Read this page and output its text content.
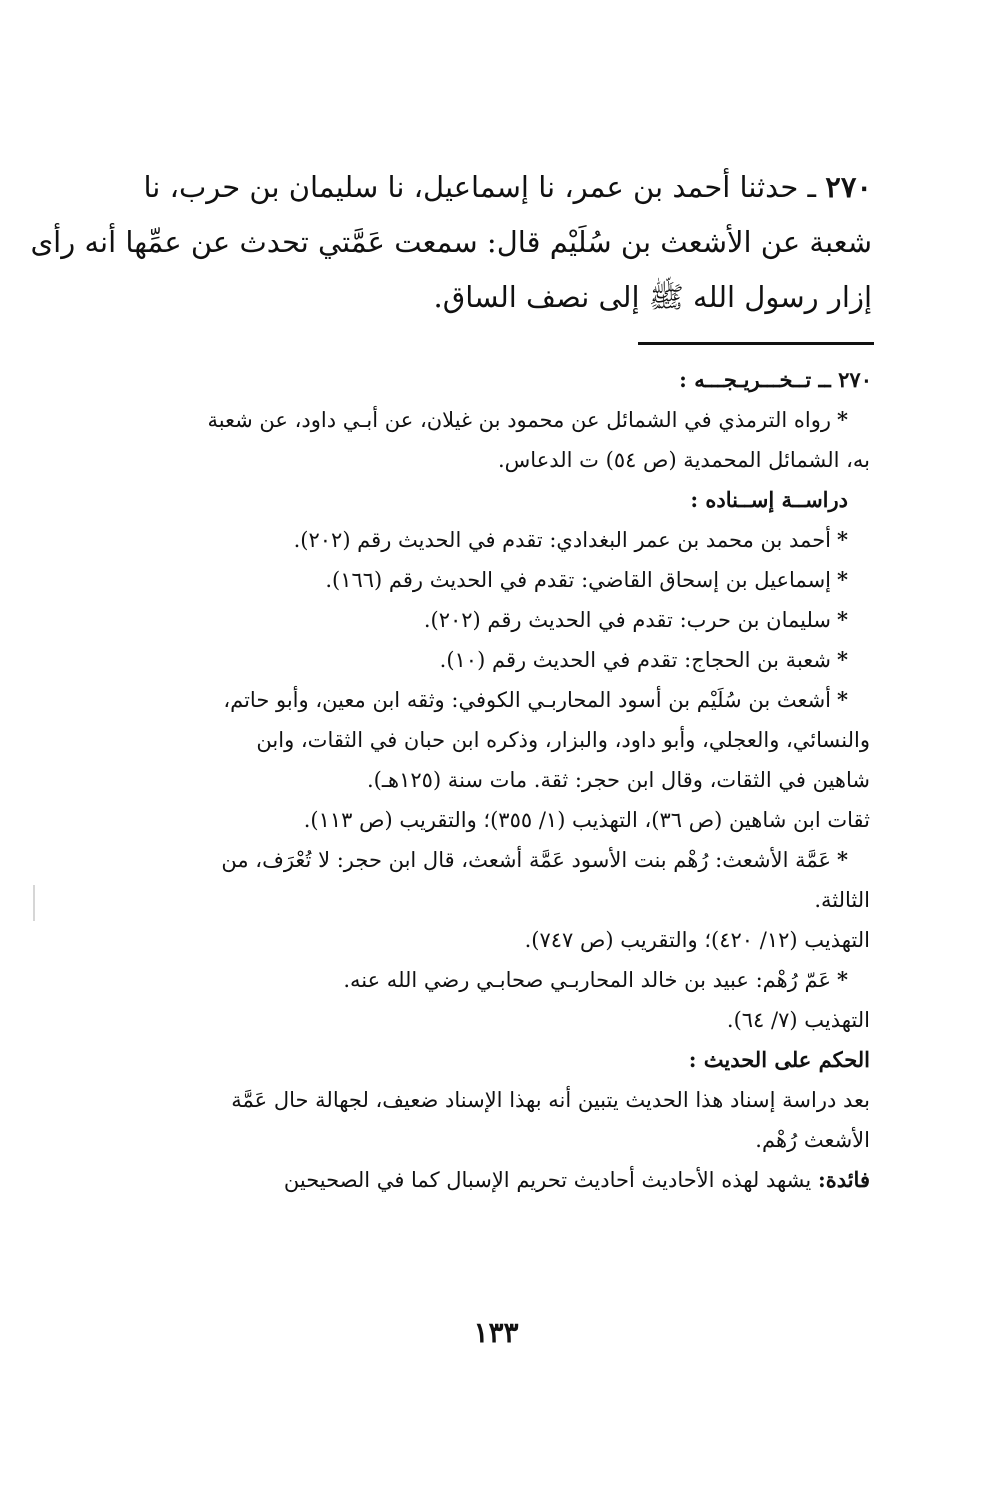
٢٧٠ ـ حدثنا أحمد بن عمر، نا إسماعيل، نا سليمان بن حرب، نا

شعبة عن الأشعث بن سُلَيْم قال: سمعت عَمَّتي تحدث عن عمِّها أنه رأى

إزار رسول الله ﷺ إلى نصف الساق.

٢٧٠ ــ تــخـــريـجـــه :
*رواه الترمذي في الشمائل عن محمود بن غيلان، عن أبـي داود، عن شعبة
به، الشمائل المحمدية (ص ٥٤) ت الدعاس.
دراســة إســناده :
*أحمد بن محمد بن عمر البغدادي: تقدم في الحديث رقم (٢٠٢).
*إسماعيل بن إسحاق القاضي: تقدم في الحديث رقم (١٦٦).
*سليمان بن حرب: تقدم في الحديث رقم (٢٠٢).
*شعبة بن الحجاج: تقدم في الحديث رقم (١٠).
*أشعث بن سُلَيْم بن أسود المحاربـي الكوفي: وثقه ابن معين، وأبو حاتم،
والنسائي، والعجلي، وأبو داود، والبزار، وذكره ابن حبان في الثقات، وابن
شاهين في الثقات، وقال ابن حجر: ثقة. مات سنة (١٢٥هـ).
ثقات ابن شاهين (ص ٣٦)، التهذيب (١/ ٣٥٥)؛ والتقريب (ص ١١٣).
*عَمَّة الأشعث: رُهْم بنت الأسود عَمَّة أشعث، قال ابن حجر: لا تُعْرَف، من
الثالثة.
التهذيب (١٢/ ٤٢٠)؛ والتقريب (ص ٧٤٧).
*عَمّ رُهْم: عبيد بن خالد المحاربـي صحابـي رضي الله عنه.
التهذيب (٧/ ٦٤).
الحكم على الحديث :
بعد دراسة إسناد هذا الحديث يتبين أنه بهذا الإسناد ضعيف، لجهالة حال عَمَّة
الأشعث رُهْم.
فائدة: يشهد لهذه الأحاديث أحاديث تحريم الإسبال كما في الصحيحين
١٣٣
